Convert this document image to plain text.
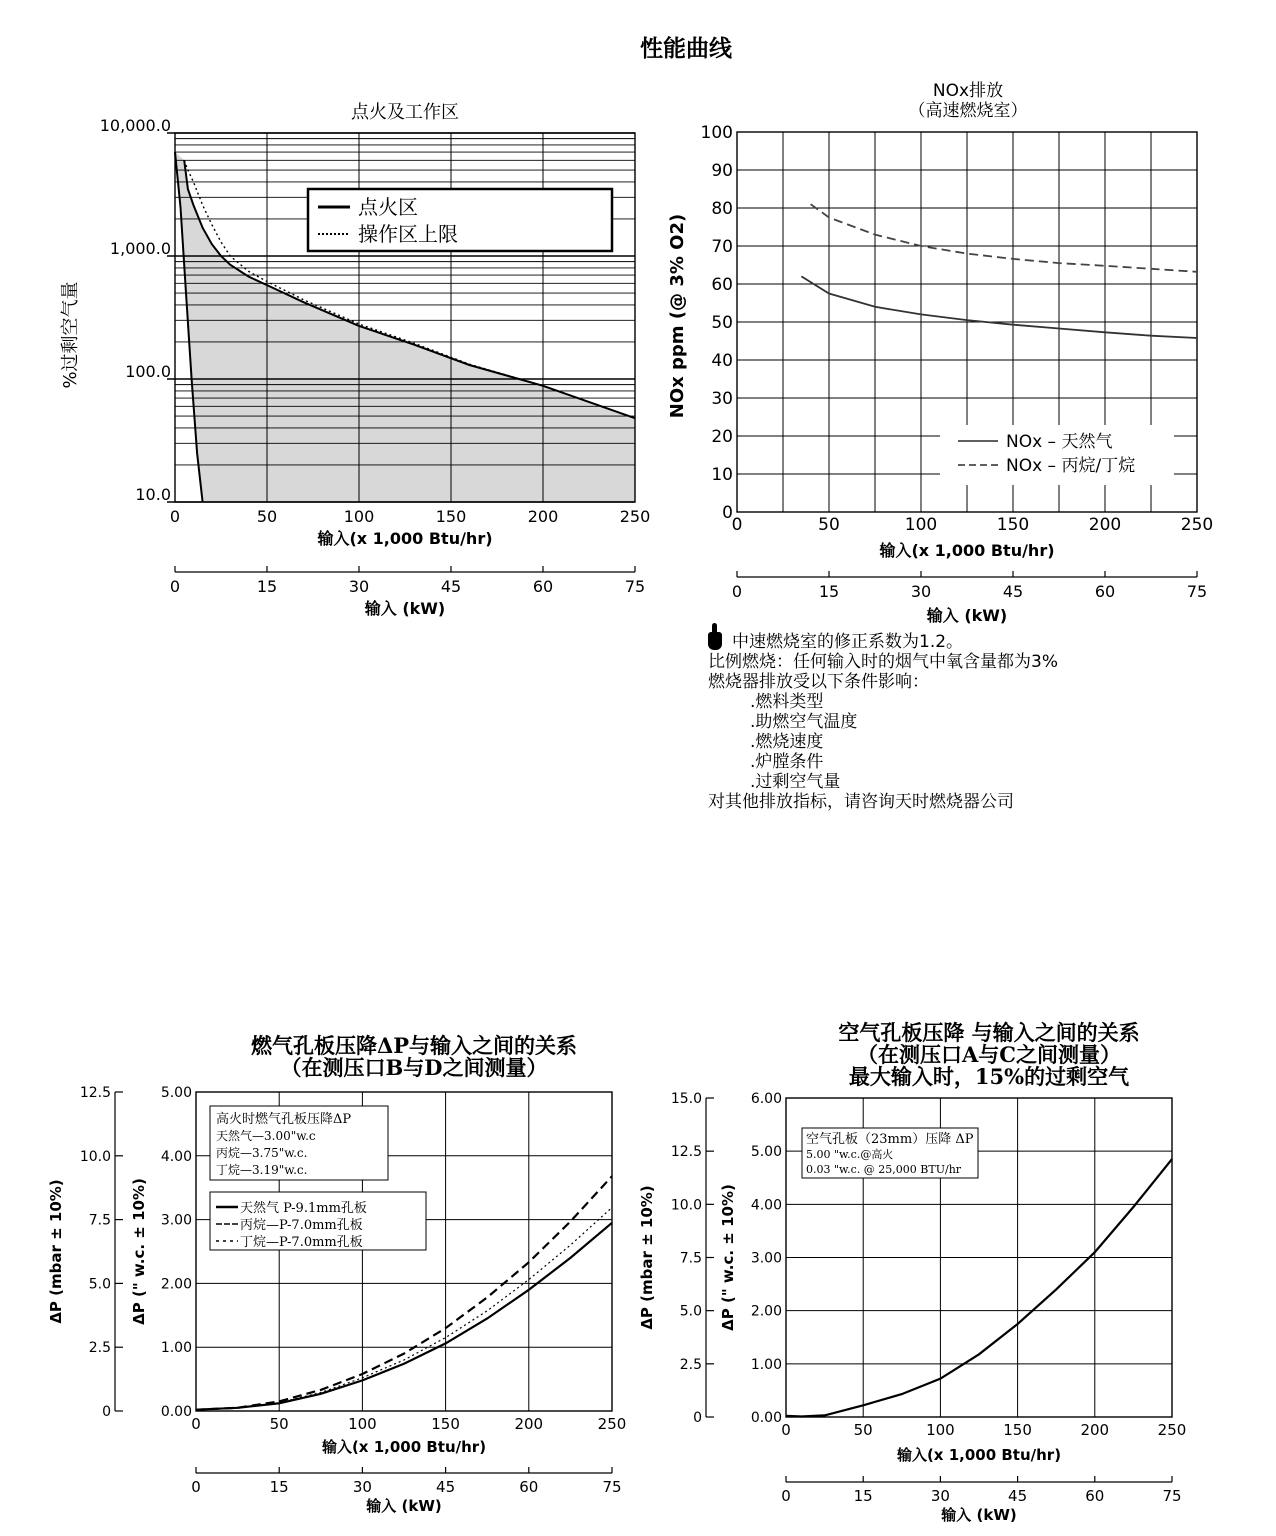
性能曲线
点火及工作区
0	50	100	150	200	250
输入(x 1,000 Btu/hr)
0	15	30	45	60	75
输入 (kW)
10.0
100.0
1,000.0
10,000.0
点火区
操作区上限
%过剩空气量
NOx排放
（高速燃烧室）
0	50	100	150	200	250
输入(x 1,000 Btu/hr)
0	15	30	45	60	75
输入 (kW)
0
10
20
30
40
50
60
70
80
90
100
NOx – 天然气
NOx – 丙烷/丁烷
NOx ppm (@ 3% O2)
燃气孔板压降ΔP与输入之间的关系
（在测压口B与D之间测量）
0.00
1.00
2.00
3.00
4.00
5.00
0
2.5
5.0
7.5
10.0
12.5
ΔP (mbar ± 10%)	ΔP (" w.c. ± 10%)
0	50	100	150	200	250
输入(x 1,000 Btu/hr)
0	15	30	45	60	75
输入 (kW)
高火时燃气孔板压降ΔP
天然气—3.00"w.c
丙烷—3.75"w.c.
丁烷—3.19"w.c.
天然气 P-9.1mm孔板
丙烷—P-7.0mm孔板
丁烷—P-7.0mm孔板
空气孔板压降 与输入之间的关系
（在测压口A与C之间测量）
最大输入时，15%的过剩空气
0.00
1.00
2.00
3.00
4.00
5.00
6.00
0
2.5
5.0
7.5
10.0
12.5
15.0
ΔP (mbar ± 10%)	ΔP (" w.c. ± 10%)
0	50	100	150	200	250
输入(x 1,000 Btu/hr)
0	15	30	45	60	75
输入 (kW)
空气孔板（23mm）压降 ΔP
5.00 "w.c.@高火
0.03 "w.c. @ 25,000 BTU/hr
中速燃烧室的修正系数为1.2。
比例燃烧：任何输入时的烟气中氧含量都为3%
燃烧器排放受以下条件影响：
.燃料类型
.助燃空气温度
.燃烧速度
.炉膛条件
.过剩空气量
对其他排放指标，请咨询天时燃烧器公司
